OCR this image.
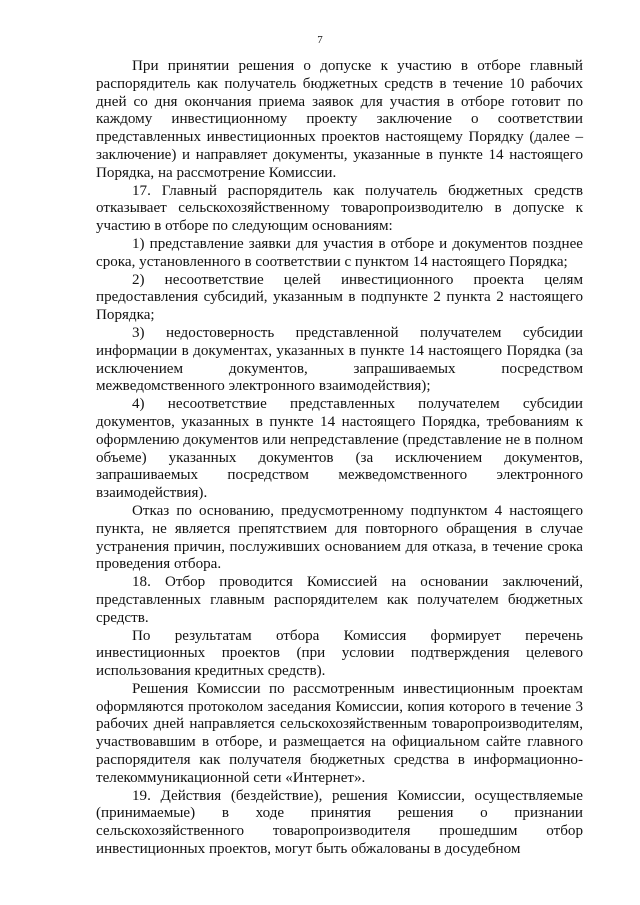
7

При принятии решения о допуске к участию в отборе главный распорядитель как получатель бюджетных средств в течение 10 рабочих дней со дня окончания приема заявок для участия в отборе готовит по каждому инвестиционному проекту заключение о соответствии представленных инвестиционных проектов настоящему Порядку (далее – заключение) и направляет документы, указанные в пункте 14 настоящего Порядка, на рассмотрение Комиссии.

17. Главный распорядитель как получатель бюджетных средств отказывает сельскохозяйственному товаропроизводителю в допуске к участию в отборе по следующим основаниям:

1) представление заявки для участия в отборе и документов позднее срока, установленного в соответствии с пунктом 14 настоящего Порядка;

2) несоответствие целей инвестиционного проекта целям предоставления субсидий, указанным в подпункте 2 пункта 2 настоящего Порядка;

3) недостоверность представленной получателем субсидии информации в документах, указанных в пункте 14 настоящего Порядка (за исключением документов, запрашиваемых посредством межведомственного электронного взаимодействия);

4) несоответствие представленных получателем субсидии документов, указанных в пункте 14 настоящего Порядка, требованиям к оформлению документов или непредставление (представление не в полном объеме) указанных документов (за исключением документов, запрашиваемых посредством межведомственного электронного взаимодействия).

Отказ по основанию, предусмотренному подпунктом 4 настоящего пункта, не является препятствием для повторного обращения в случае устранения причин, послуживших основанием для отказа, в течение срока проведения отбора.

18. Отбор проводится Комиссией на основании заключений, представленных главным распорядителем как получателем бюджетных средств.

По результатам отбора Комиссия формирует перечень инвестиционных проектов (при условии подтверждения целевого использования кредитных средств).

Решения Комиссии по рассмотренным инвестиционным проектам оформляются протоколом заседания Комиссии, копия которого в течение 3 рабочих дней направляется сельскохозяйственным товаропроизводителям, участвовавшим в отборе, и размещается на официальном сайте главного распорядителя как получателя бюджетных средства в информационно-телекоммуникационной сети «Интернет».

19. Действия (бездействие), решения Комиссии, осуществляемые (принимаемые) в ходе принятия решения о признании сельскохозяйственного товаропроизводителя прошедшим отбор инвестиционных проектов, могут быть обжалованы в досудебном
